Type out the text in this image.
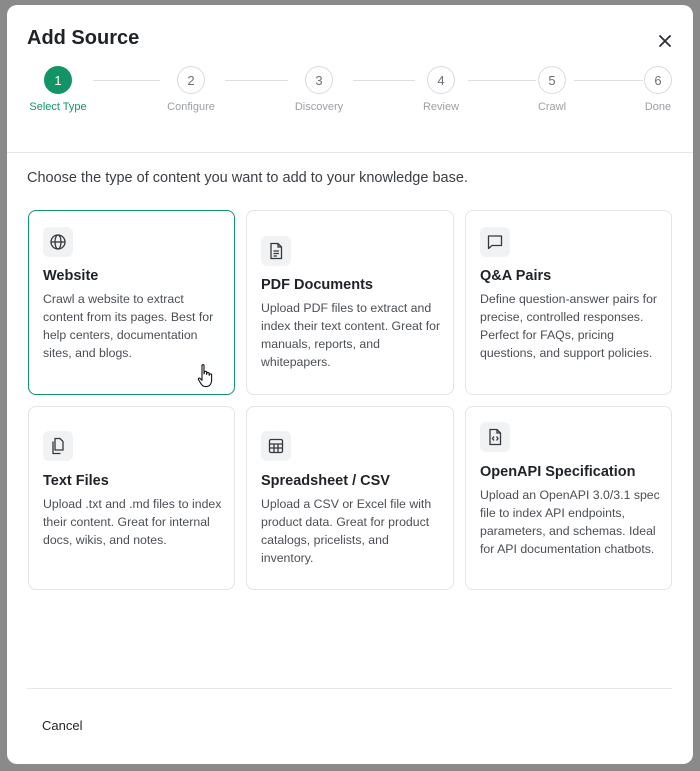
Add Source
1
Select Type
2
Configure
3
Discovery
4
Review
5
Crawl
6
Done
Choose the type of content you want to add to your knowledge base.
Website
Crawl a website to extract content from its pages. Best for help centers, documentation sites, and blogs.
PDF Documents
Upload PDF files to extract and index their text content. Great for manuals, reports, and whitepapers.
Q&A Pairs
Define question-answer pairs for precise, controlled responses. Perfect for FAQs, pricing questions, and support policies.
Text Files
Upload .txt and .md files to index their content. Great for internal docs, wikis, and notes.
Spreadsheet / CSV
Upload a CSV or Excel file with product data. Great for product catalogs, pricelists, and inventory.
OpenAPI Specification
Upload an OpenAPI 3.0/3.1 spec file to index API endpoints, parameters, and schemas. Ideal for API documentation chatbots.
Cancel
